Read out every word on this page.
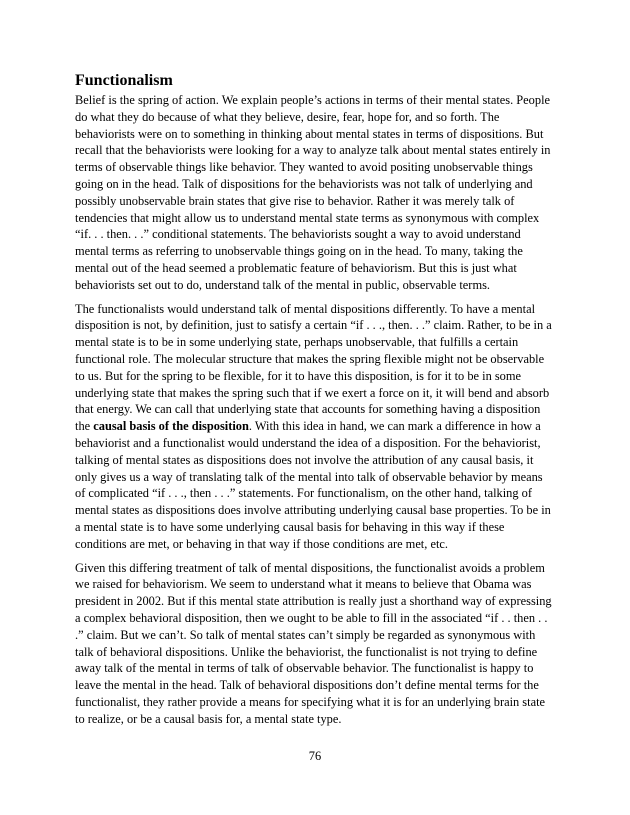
Functionalism

Belief is the spring of action. We explain people’s actions in terms of their mental states. People do what they do because of what they believe, desire, fear, hope for, and so forth. The behaviorists were on to something in thinking about mental states in terms of dispositions. But recall that the behaviorists were looking for a way to analyze talk about mental states entirely in terms of observable things like behavior. They wanted to avoid positing unobservable things going on in the head. Talk of dispositions for the behaviorists was not talk of underlying and possibly unobservable brain states that give rise to behavior. Rather it was merely talk of tendencies that might allow us to understand mental state terms as synonymous with complex “if. . . then. . .” conditional statements. The behaviorists sought a way to avoid understand mental terms as referring to unobservable things going on in the head. To many, taking the mental out of the head seemed a problematic feature of behaviorism. But this is just what behaviorists set out to do, understand talk of the mental in public, observable terms.

The functionalists would understand talk of mental dispositions differently. To have a mental disposition is not, by definition, just to satisfy a certain “if . . ., then. . .” claim. Rather, to be in a mental state is to be in some underlying state, perhaps unobservable, that fulfills a certain functional role. The molecular structure that makes the spring flexible might not be observable to us. But for the spring to be flexible, for it to have this disposition, is for it to be in some underlying state that makes the spring such that if we exert a force on it, it will bend and absorb that energy. We can call that underlying state that accounts for something having a disposition the causal basis of the disposition. With this idea in hand, we can mark a difference in how a behaviorist and a functionalist would understand the idea of a disposition. For the behaviorist, talking of mental states as dispositions does not involve the attribution of any causal basis, it only gives us a way of translating talk of the mental into talk of observable behavior by means of complicated “if . . ., then . . .” statements. For functionalism, on the other hand, talking of mental states as dispositions does involve attributing underlying causal base properties. To be in a mental state is to have some underlying causal basis for behaving in this way if these conditions are met, or behaving in that way if those conditions are met, etc.

Given this differing treatment of talk of mental dispositions, the functionalist avoids a problem we raised for behaviorism. We seem to understand what it means to believe that Obama was president in 2002. But if this mental state attribution is really just a shorthand way of expressing a complex behavioral disposition, then we ought to be able to fill in the associated “if . . then . . .” claim. But we can’t. So talk of mental states can’t simply be regarded as synonymous with talk of behavioral dispositions. Unlike the behaviorist, the functionalist is not trying to define away talk of the mental in terms of talk of observable behavior. The functionalist is happy to leave the mental in the head. Talk of behavioral dispositions don’t define mental terms for the functionalist, they rather provide a means for specifying what it is for an underlying brain state to realize, or be a causal basis for, a mental state type.

76
